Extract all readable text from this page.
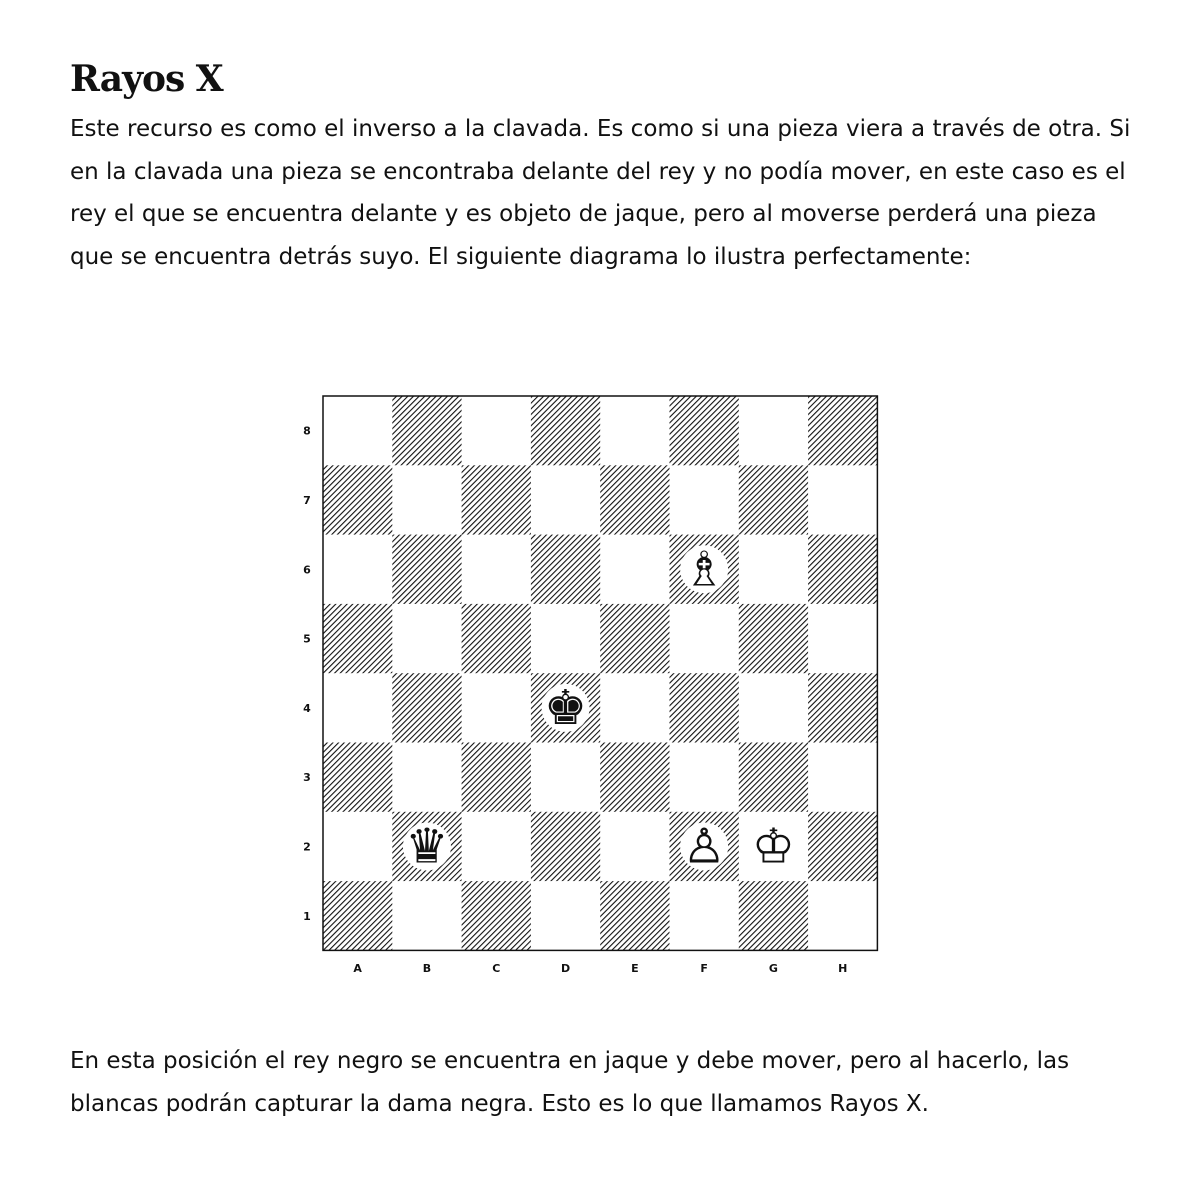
Rayos X

Este recurso es como el inverso a la clavada. Es como si una pieza viera a través de otra. Si en la clavada una pieza se encontraba delante del rey y no podía mover, en este caso es el rey el que se encuentra delante y es objeto de jaque, pero al moverse perderá una pieza que se encuentra detrás suyo. El siguiente diagrama lo ilustra perfectamente:

8
7
6
5
4
3
2
1
A	B	C	D	E	F	G	H
♗
♚
♛	♙ ♔

En esta posición el rey negro se encuentra en jaque y debe mover, pero al hacerlo, las blancas podrán capturar la dama negra. Esto es lo que llamamos Rayos X.
